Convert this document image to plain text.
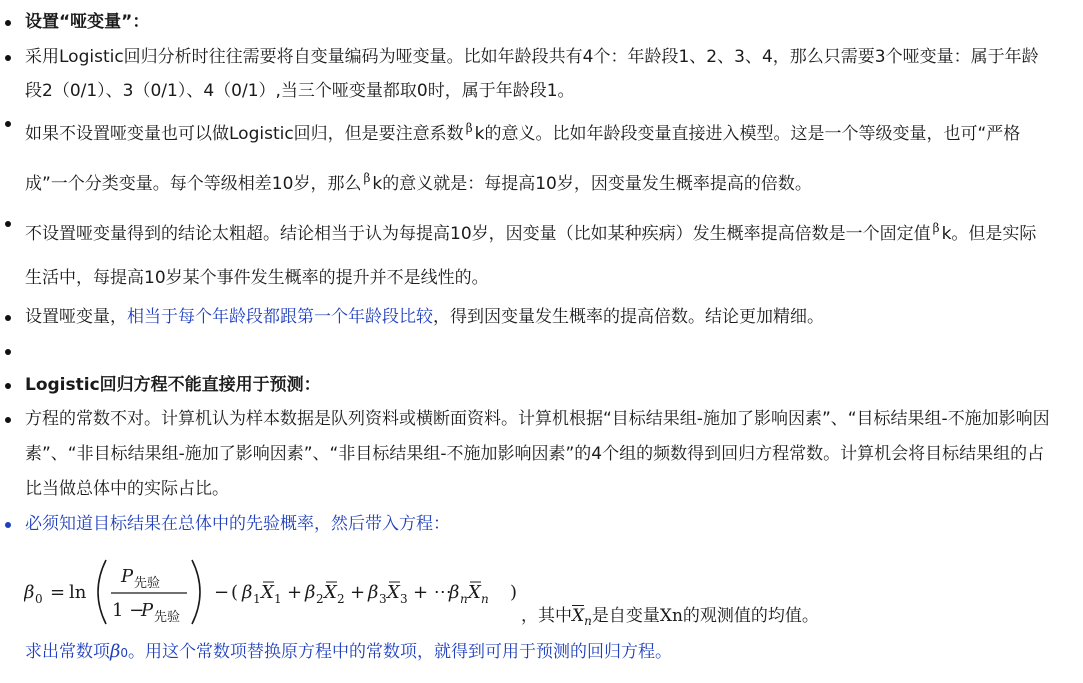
设置“哑变量”：
采用Logistic回归分析时往往需要将自变量编码为哑变量。比如年龄段共有4个：年龄段1、2、3、4，那么只需要3个哑变量：属于年龄段2（0/1）、3（0/1）、4（0/1）,当三个哑变量都取0时，属于年龄段1。
如果不设置哑变量也可以做Logistic回归，但是要注意系数 $^\beta$ k的意义。比如年龄段变量直接进入模型。这是一个等级变量，也可“严格成”一个分类变量。每个等级相差10岁，那么 $^\beta$ k的意义就是：每提高10岁，因变量发生概率提高的倍数。
不设置哑变量得到的结论太粗超。结论相当于认为每提高10岁，因变量（比如某种疾病）发生概率提高倍数是一个固定值 $^\beta$ k。但是实际生活中，每提高10岁某个事件发生概率的提升并不是线性的。
设置哑变量，相当于每个年龄段都跟第一个年龄段比较，得到因变量发生概率的提高倍数。结论更加精细。
Logistic回归方程不能直接用于预测：
方程的常数不对。计算机认为样本数据是队列资料或横断面资料。计算机根据“目标结果组-施加了影响因素”、“目标结果组-不施加影响因素”、“非目标结果组-施加了影响因素”、“非目标结果组-不施加影响因素”的4个组的频数得到回归方程常数。计算机会将目标结果组的占比当做总体中的实际占比。
必须知道目标结果在总体中的先验概率，然后带入方程：
β 0 = ln
P 先验
1 −
P 先验
− ( β 1 X 1 + β 2 X 2 + β 3 X 3 + ⋯
β n X n )
，其中$X_n$是自变量Xn的观测值的均值。
求出常数项β0。用这个常数项替换原方程中的常数项，就得到可用于预测的回归方程。
